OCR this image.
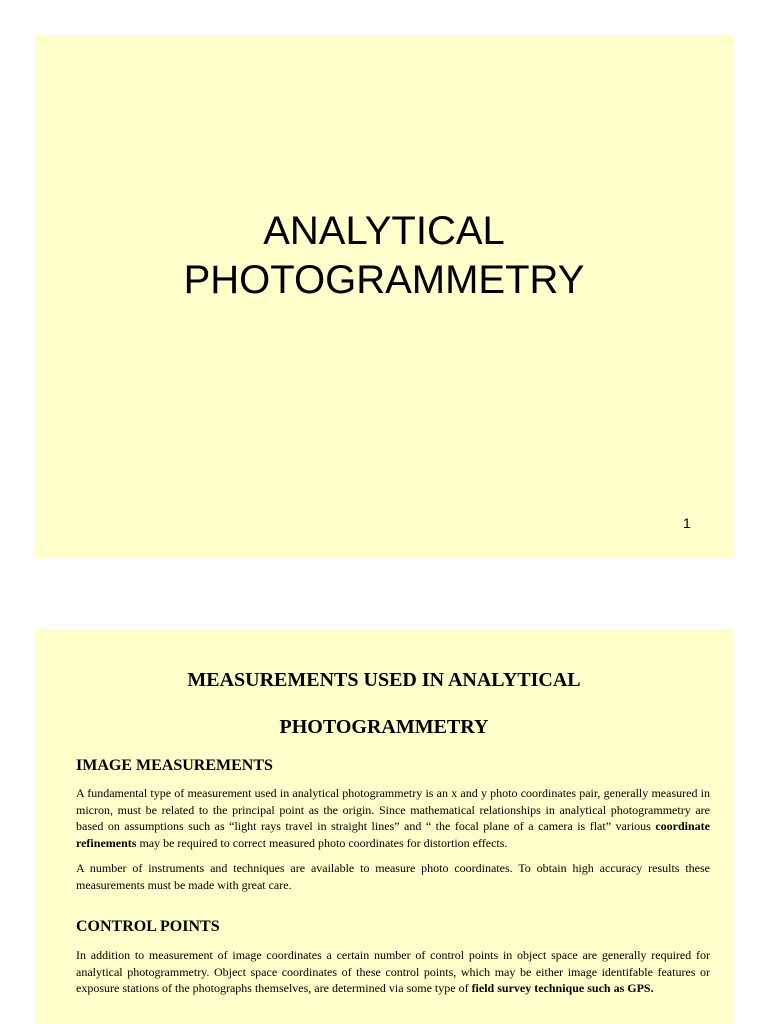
ANALYTICAL
PHOTOGRAMMETRY
1
MEASUREMENTS USED IN ANALYTICAL
PHOTOGRAMMETRY
IMAGE MEASUREMENTS

A fundamental type of measurement used in analytical photogrammetry is an x and y photo coordinates pair, generally measured in micron, must be related to the principal point as the origin. Since mathematical relationships in analytical photogrammetry are based on assumptions such as “light rays travel in straight lines” and “ the focal plane of a camera is flat” various coordinate refinements may be required to correct measured photo coordinates for distortion effects.

A number of instruments and techniques are available to measure photo coordinates. To obtain high accuracy results these measurements must be made with great care.

CONTROL POINTS

In addition to measurement of image coordinates a certain number of control points in object space are generally required for analytical photogrammetry. Object space coordinates of these control points, which may be either image identifable features or exposure stations of the photographs themselves, are determined via some type of field survey technique such as GPS.
